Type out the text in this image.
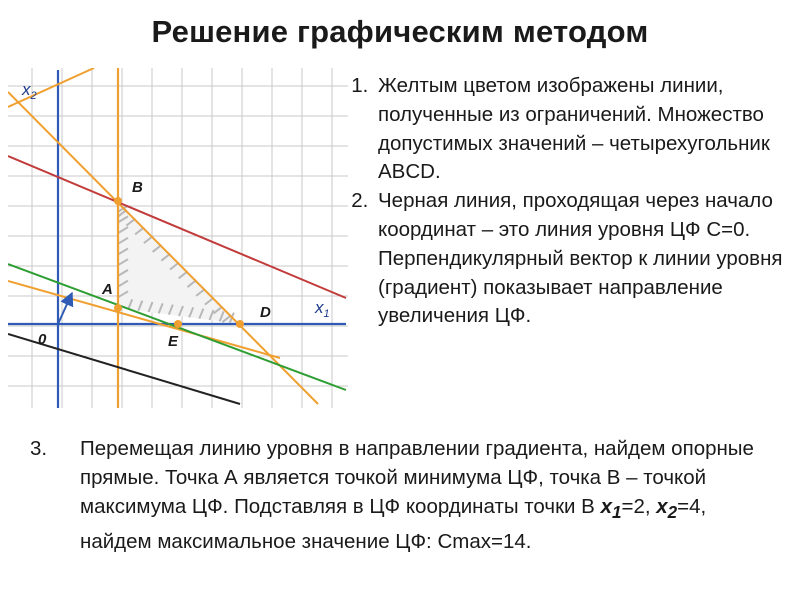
Решение графическим методом
$x_2$
$x_1$
0
B
A
D
E
1. Желтым цветом изображены линии, полученные из ограничений. Множество допустимых значений – четырехугольник ABCD.
2. Черная линия, проходящая через начало координат – это линия уровня ЦФ С=0. Перпендикулярный вектор к линии уровня (градиент) показывает направление увеличения ЦФ.
3. Перемещая линию уровня в направлении градиента, найдем опорные прямые. Точка А является точкой минимума ЦФ, точка В – точкой максимума ЦФ. Подставляя в ЦФ координаты точки В $x_1=2$, $x_2=4$, найдем максимальное значение ЦФ: Cmax=14.
